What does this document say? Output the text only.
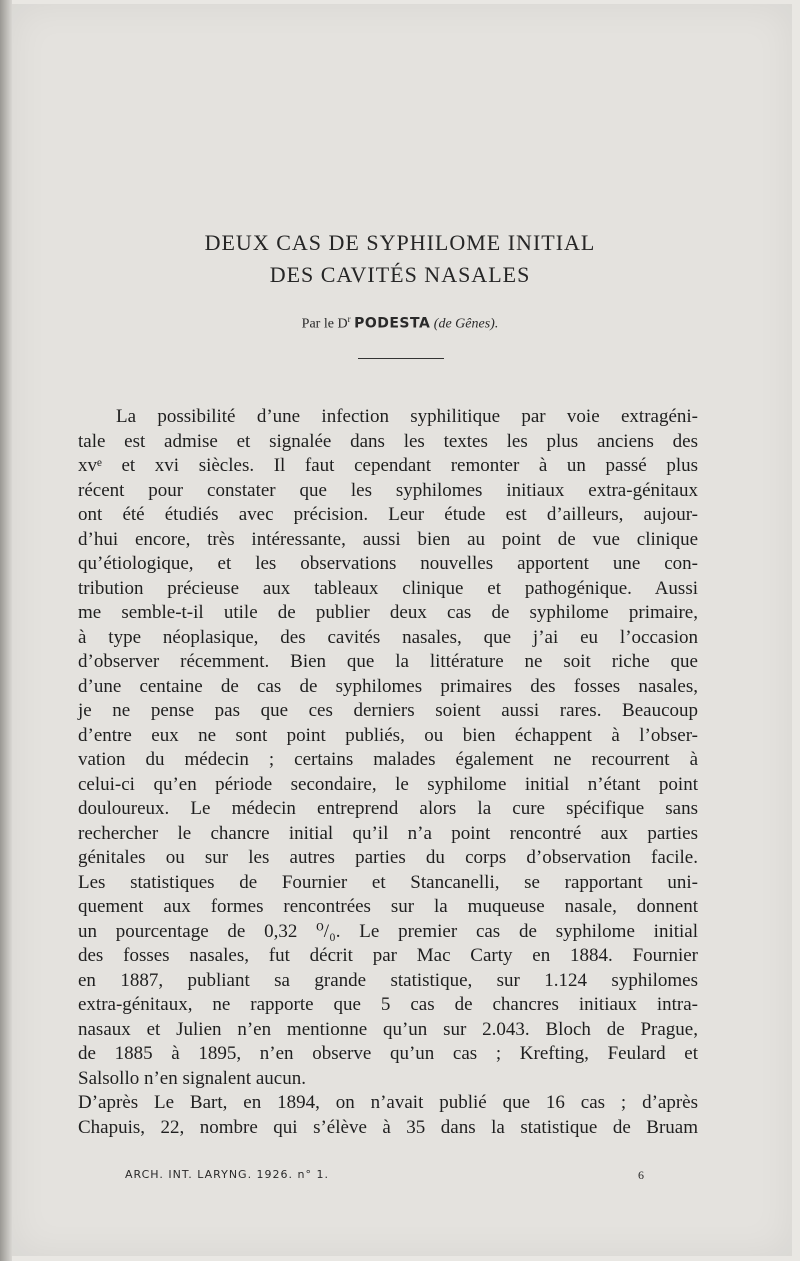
DEUX CAS DE SYPHILOME INITIAL
DES CAVITÉS NASALES
Par le $D^r$ PODESTA (de Gênes).
La possibilité d’une infection syphilitique par voie extragéni-
tale est admise et signalée dans les textes les plus anciens des
xvᵉ et xvi siècles. Il faut cependant remonter à un passé plus
récent pour constater que les syphilomes initiaux extra-génitaux
ont été étudiés avec précision. Leur étude est d’ailleurs, aujour-
d’hui encore, très intéressante, aussi bien au point de vue clinique
qu’étiologique, et les observations nouvelles apportent une con-
tribution précieuse aux tableaux clinique et pathogénique. Aussi
me semble-t-il utile de publier deux cas de syphilome primaire,
à type néoplasique, des cavités nasales, que j’ai eu l’occasion
d’observer récemment. Bien que la littérature ne soit riche que
d’une centaine de cas de syphilomes primaires des fosses nasales,
je ne pense pas que ces derniers soient aussi rares. Beaucoup
d’entre eux ne sont point publiés, ou bien échappent à l’obser-
vation du médecin ; certains malades également ne recourrent à
celui-ci qu’en période secondaire, le syphilome initial n’étant point
douloureux. Le médecin entreprend alors la cure spécifique sans
rechercher le chancre initial qu’il n’a point rencontré aux parties
génitales ou sur les autres parties du corps d’observation facile.
Les statistiques de Fournier et Stancanelli, se rapportant uni-
quement aux formes rencontrées sur la muqueuse nasale, donnent
un pourcentage de 0,32 ⁰/₀. Le premier cas de syphilome initial
des fosses nasales, fut décrit par Mac Carty en 1884. Fournier
en 1887, publiant sa grande statistique, sur 1.124 syphilomes
extra-génitaux, ne rapporte que 5 cas de chancres initiaux intra-
nasaux et Julien n’en mentionne qu’un sur 2.043. Bloch de Prague,
de 1885 à 1895, n’en observe qu’un cas ; Krefting, Feulard et
Salsollo n’en signalent aucun.
D’après Le Bart, en 1894, on n’avait publié que 16 cas ; d’après
Chapuis, 22, nombre qui s’élève à 35 dans la statistique de Bruam
ARCH. INT. LARYNG. 1926. n° 1.	6
